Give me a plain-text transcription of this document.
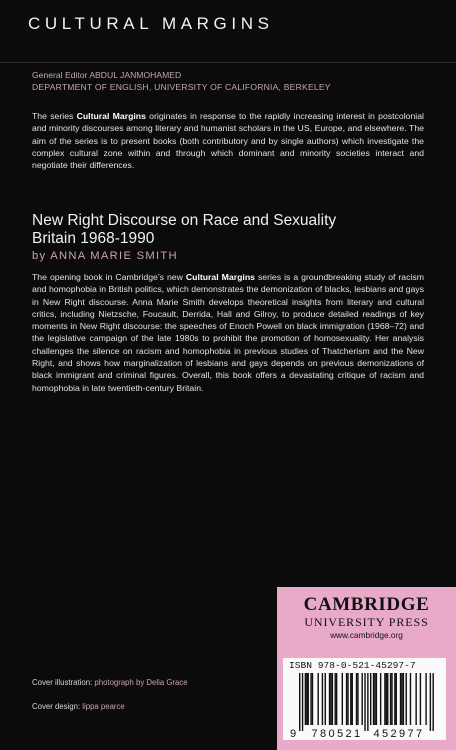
CULTURAL MARGINS
General Editor ABDUL JANMOHAMED
DEPARTMENT OF ENGLISH, UNIVERSITY OF CALIFORNIA, BERKELEY
The series Cultural Margins originates in response to the rapidly increasing interest in postcolonial and minority discourses among literary and humanist scholars in the US, Europe, and elsewhere. The aim of the series is to present books (both contributory and by single authors) which investigate the complex cultural zone within and through which dominant and minority societies interact and negotiate their differences.
New Right Discourse on Race and Sexuality
Britain 1968-1990
by ANNA MARIE SMITH
The opening book in Cambridge’s new Cultural Margins series is a groundbreaking study of racism and homophobia in British politics, which demonstrates the demonization of blacks, lesbians and gays in New Right discourse. Anna Marie Smith develops theoretical insights from literary and cultural critics, including Nietzsche, Foucault, Derrida, Hall and Gilroy, to produce detailed readings of key moments in New Right discourse: the speeches of Enoch Powell on black immigration (1968–72) and the legislative campaign of the late 1980s to prohibit the promotion of homosexuality. Her analysis challenges the silence on racism and homophobia in previous studies of Thatcherism and the New Right, and shows how marginalization of lesbians and gays depends on previous demonizations of black immigrant and criminal figures. Overall, this book offers a devastating critique of racism and homophobia in late twentieth-century Britain.
Cover illustration: photograph by Delia Grace
Cover design: lippa pearce
CAMBRIDGE
UNIVERSITY PRESS
www.cambridge.org
ISBN 978-0-521-45297-7
9 780521 452977
